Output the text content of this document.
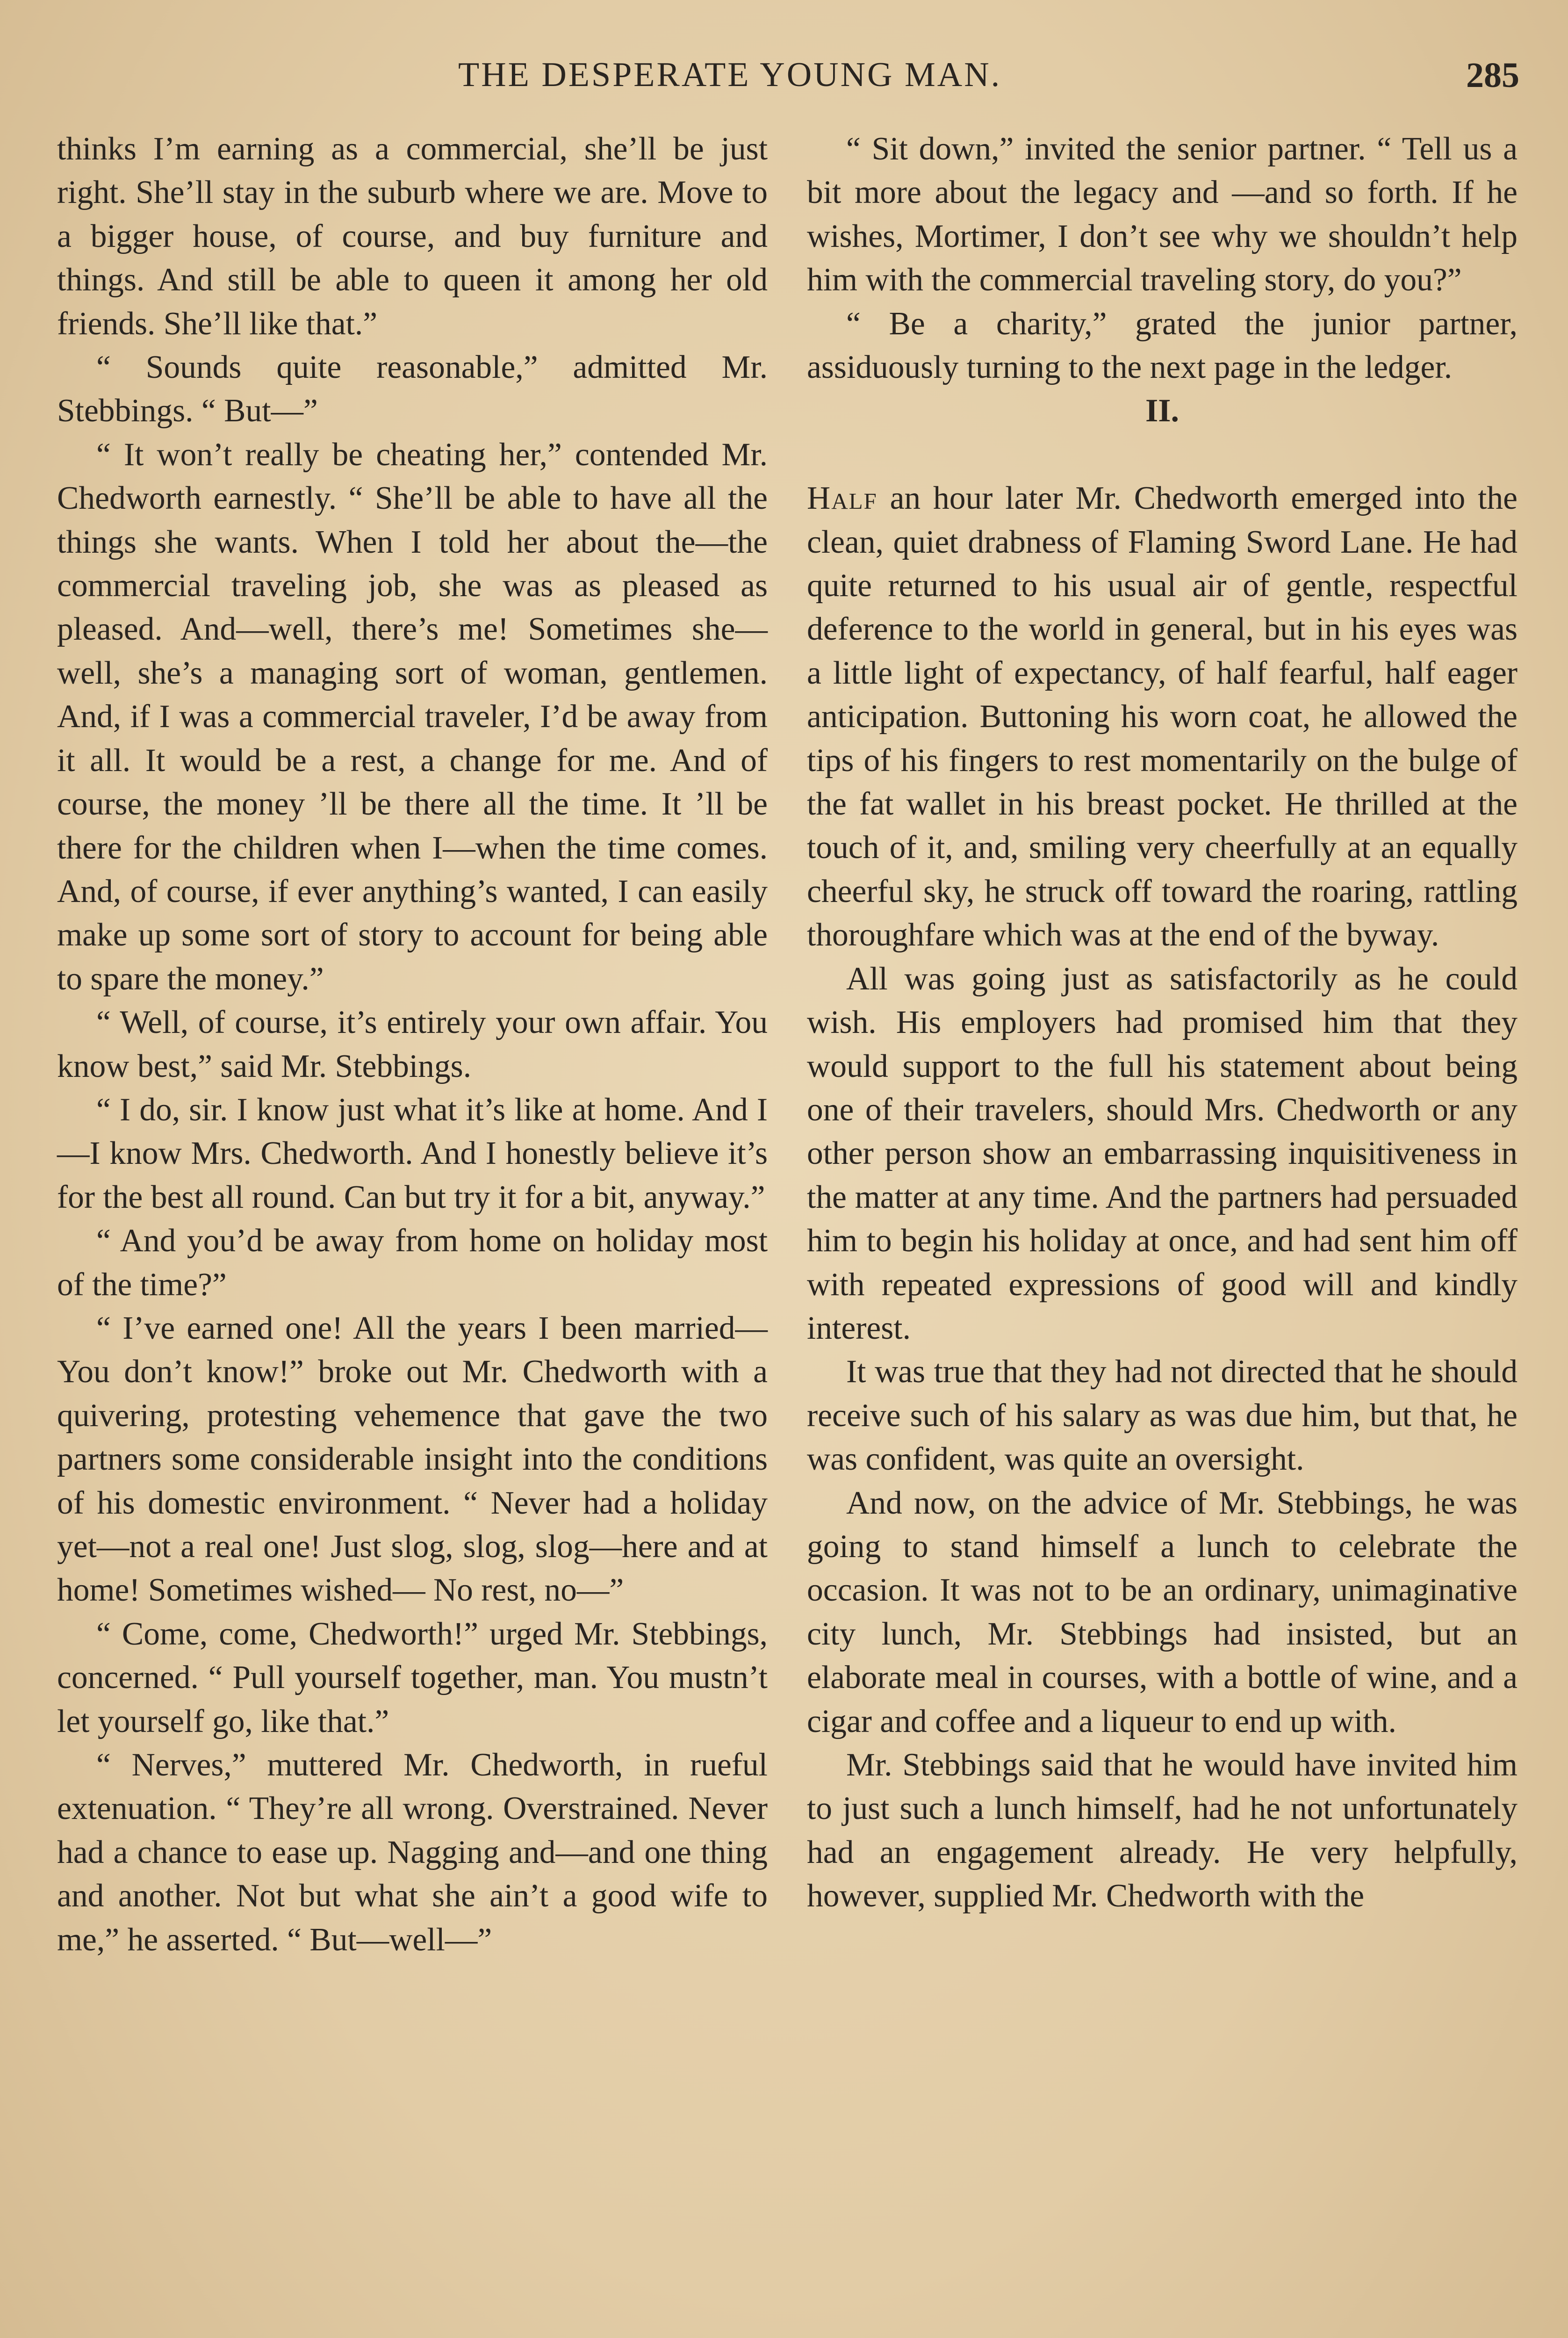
THE DESPERATE YOUNG MAN.	285

thinks I’m earning as a commercial, she’ll be just right. She’ll stay in the suburb where we are. Move to a bigger house, of course, and buy furniture and things. And still be able to queen it among her old friends. She’ll like that.”

“ Sounds quite reasonable,” admitted Mr. Stebbings. “ But—”

“ It won’t really be cheating her,” contended Mr. Chedworth earnestly. “ She’ll be able to have all the things she wants. When I told her about the—the commercial traveling job, she was as pleased as pleased. And—well, there’s me! Sometimes she—well, she’s a managing sort of woman, gentlemen. And, if I was a commercial traveler, I’d be away from it all. It would be a rest, a change for me. And of course, the money ’ll be there all the time. It ’ll be there for the children when I—when the time comes. And, of course, if ever anything’s wanted, I can easily make up some sort of story to account for being able to spare the money.”

“ Well, of course, it’s entirely your own affair. You know best,” said Mr. Stebbings.

“ I do, sir. I know just what it’s like at home. And I—I know Mrs. Chedworth. And I honestly believe it’s for the best all round. Can but try it for a bit, anyway.”

“ And you’d be away from home on holiday most of the time?”

“ I’ve earned one! All the years I been married— You don’t know!” broke out Mr. Chedworth with a quivering, protesting vehemence that gave the two partners some considerable insight into the conditions of his domestic environment. “ Never had a holiday yet—not a real one! Just slog, slog, slog—here and at home! Sometimes wished— No rest, no—”

“ Come, come, Chedworth!” urged Mr. Stebbings, concerned. “ Pull yourself together, man. You mustn’t let yourself go, like that.”

“ Nerves,” muttered Mr. Chedworth, in rueful extenuation. “ They’re all wrong. Overstrained. Never had a chance to ease up. Nagging and—and one thing and another. Not but what she ain’t a good wife to me,” he asserted. “ But—well—”

“ Sit down,” invited the senior partner. “ Tell us a bit more about the legacy and —and so forth. If he wishes, Mortimer, I don’t see why we shouldn’t help him with the commercial traveling story, do you?”

“ Be a charity,” grated the junior partner, assiduously turning to the next page in the ledger.

II.

Half an hour later Mr. Chedworth emerged into the clean, quiet drabness of Flaming Sword Lane. He had quite returned to his usual air of gentle, respectful deference to the world in general, but in his eyes was a little light of expectancy, of half fearful, half eager anticipation. Buttoning his worn coat, he allowed the tips of his fingers to rest momentarily on the bulge of the fat wallet in his breast pocket. He thrilled at the touch of it, and, smiling very cheerfully at an equally cheerful sky, he struck off toward the roaring, rattling thoroughfare which was at the end of the byway.

All was going just as satisfactorily as he could wish. His employers had promised him that they would support to the full his statement about being one of their travelers, should Mrs. Chedworth or any other person show an embarrassing inquisitiveness in the matter at any time. And the partners had persuaded him to begin his holiday at once, and had sent him off with repeated expressions of good will and kindly interest.

It was true that they had not directed that he should receive such of his salary as was due him, but that, he was confident, was quite an oversight.

And now, on the advice of Mr. Stebbings, he was going to stand himself a lunch to celebrate the occasion. It was not to be an ordinary, unimaginative city lunch, Mr. Stebbings had insisted, but an elaborate meal in courses, with a bottle of wine, and a cigar and coffee and a liqueur to end up with.

Mr. Stebbings said that he would have invited him to just such a lunch himself, had he not unfortunately had an engagement already. He very helpfully, however, supplied Mr. Chedworth with the
